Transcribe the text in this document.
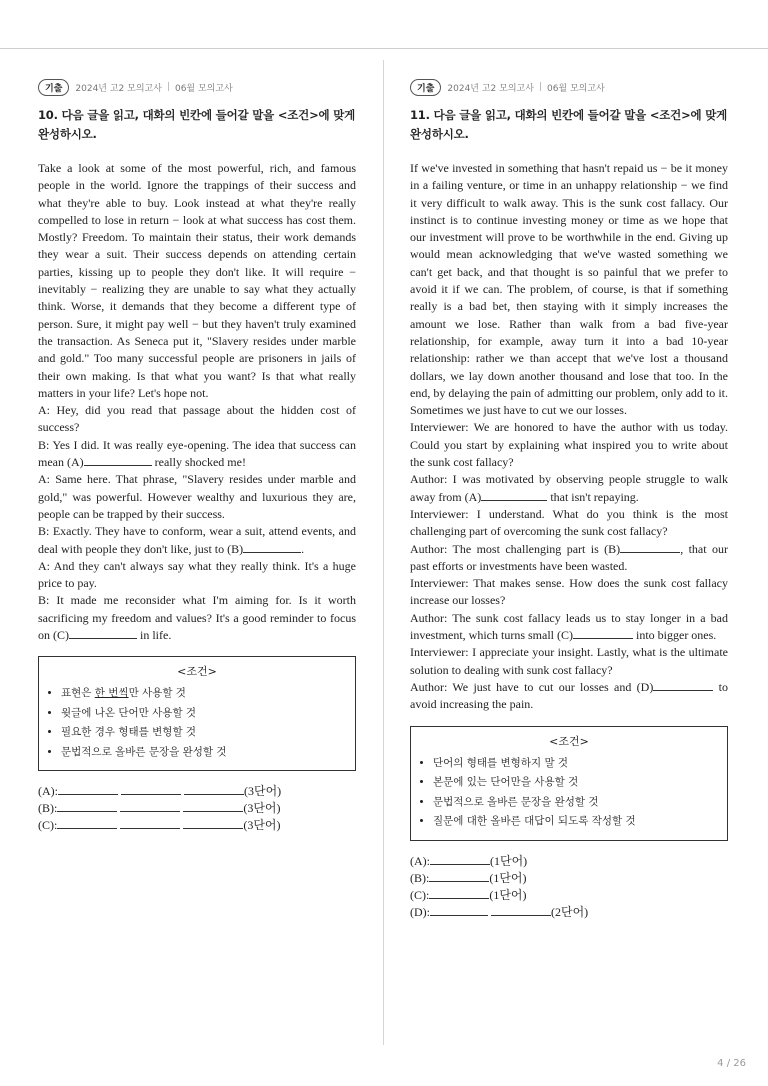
기출	2024년 고2 모의고사 | 06월 모의고사
10. 다음 글을 읽고, 대화의 빈칸에 들어갈 말을 <조건>에 맞게 완성하시오.

Take a look at some of the most powerful, rich, and famous people in the world. Ignore the trappings of their success and what they're able to buy. Look instead at what they're really compelled to lose in return − look at what success has cost them. Mostly? Freedom. To maintain their status, their work demands they wear a suit. Their success depends on attending certain parties, kissing up to people they don't like. It will require − inevitably − realizing they are unable to say what they actually think. Worse, it demands that they become a different type of person. Sure, it might pay well − but they haven't truly examined the transaction. As Seneca put it, "Slavery resides under marble and gold." Too many successful people are prisoners in jails of their own making. Is that what you want? Is that what really matters in your life? Let's hope not.

A: Hey, did you read that passage about the hidden cost of success?

B: Yes I did. It was really eye-opening. The idea that success can mean (A)	really shocked me!

A: Same here. That phrase, "Slavery resides under marble and gold," was powerful. However wealthy and luxurious they are, people can be trapped by their success.

B: Exactly. They have to conform, wear a suit, attend events, and deal with people they don't like, just to (B)	.

A: And they can't always say what they really think. It's a huge price to pay.

B: It made me reconsider what I'm aiming for. Is it worth sacrificing my freedom and values? It's a good reminder to focus on (C)	in life.

<조건>
• 표현은 한 번씩만 사용할 것
• 윗글에 나온 단어만 사용할 것
• 필요한 경우 형태를 변형할 것
• 문법적으로 올바른 문장을 완성할 것
(A):	(3단어)
(B):	(3단어)
(C):	(3단어)
기출	2024년 고2 모의고사 | 06월 모의고사
11. 다음 글을 읽고, 대화의 빈칸에 들어갈 말을 <조건>에 맞게 완성하시오.

If we've invested in something that hasn't repaid us − be it money in a failing venture, or time in an unhappy relationship − we find it very difficult to walk away. This is the sunk cost fallacy. Our instinct is to continue investing money or time as we hope that our investment will prove to be worthwhile in the end. Giving up would mean acknowledging that we've wasted something we can't get back, and that thought is so painful that we prefer to avoid it if we can. The problem, of course, is that if something really is a bad bet, then staying with it simply increases the amount we lose. Rather than walk from a bad five-year relationship, for example, away turn it into a bad 10-year relationship: rather we than accept that we've lost a thousand dollars, we lay down another thousand and lose that too. In the end, by delaying the pain of admitting our problem, only add to it. Sometimes we just have to cut we our losses.

Interviewer: We are honored to have the author with us today. Could you start by explaining what inspired you to write about the sunk cost fallacy?

Author: I was motivated by observing people struggle to walk away from (A)	that isn't repaying.

Interviewer: I understand. What do you think is the most challenging part of overcoming the sunk cost fallacy?

Author: The most challenging part is (B)	, that our past efforts or investments have been wasted.

Interviewer: That makes sense. How does the sunk cost fallacy increase our losses?

Author: The sunk cost fallacy leads us to stay longer in a bad investment, which turns small (C)	into bigger ones.

Interviewer: I appreciate your insight. Lastly, what is the ultimate solution to dealing with sunk cost fallacy?

Author: We just have to cut our losses and (D)	to avoid increasing the pain.

<조건>
• 단어의 형태를 변형하지 말 것
• 본문에 있는 단어만을 사용할 것
• 문법적으로 올바른 문장을 완성할 것
• 질문에 대한 올바른 대답이 되도록 작성할 것
(A):	(1단어)
(B):	(1단어)
(C):	(1단어)
(D):	(2단어)
4 / 26
